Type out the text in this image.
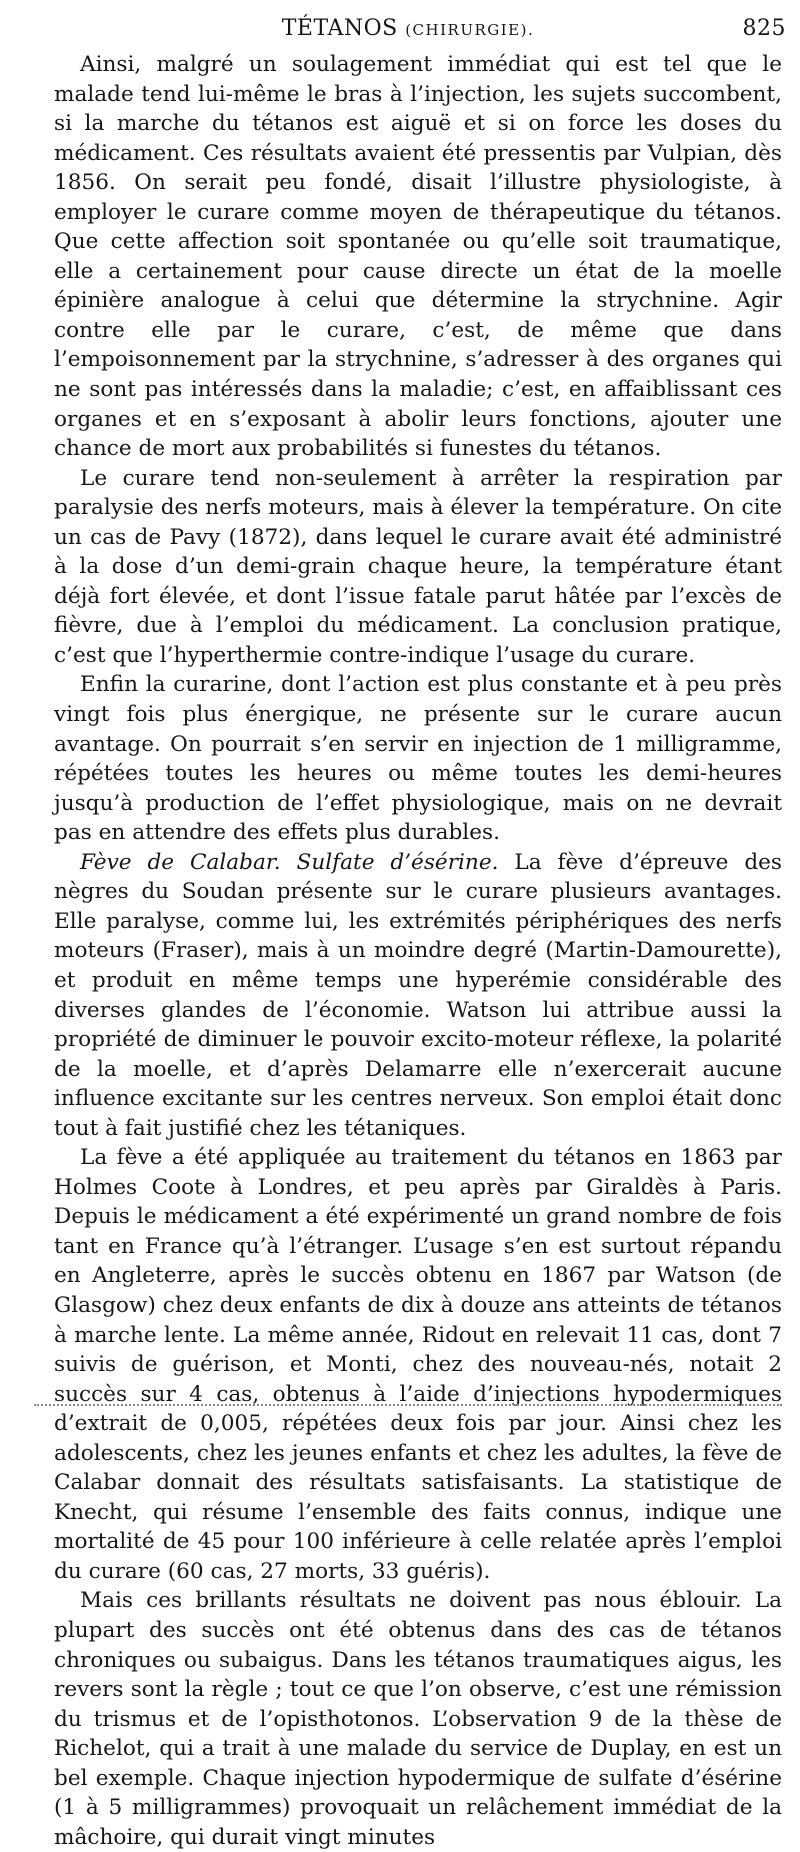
TÉTANOS (CHIRURGIE).	825

Ainsi, malgré un soulagement immédiat qui est tel que le malade tend lui-même le bras à l’injection, les sujets succombent, si la marche du tétanos est aiguë et si on force les doses du médicament. Ces résultats avaient été pressentis par Vulpian, dès 1856. On serait peu fondé, disait l’illustre physiologiste, à employer le curare comme moyen de thérapeutique du tétanos. Que cette affection soit spontanée ou qu’elle soit traumatique, elle a certainement pour cause directe un état de la moelle épinière analogue à celui que détermine la strychnine. Agir contre elle par le curare, c’est, de même que dans l’empoisonnement par la strychnine, s’adresser à des organes qui ne sont pas intéressés dans la maladie; c’est, en affaiblissant ces organes et en s’exposant à abolir leurs fonctions, ajouter une chance de mort aux probabilités si funestes du tétanos.

Le curare tend non-seulement à arrêter la respiration par paralysie des nerfs moteurs, mais à élever la température. On cite un cas de Pavy (1872), dans lequel le curare avait été administré à la dose d’un demi-grain chaque heure, la température étant déjà fort élevée, et dont l’issue fatale parut hâtée par l’excès de fièvre, due à l’emploi du médicament. La conclusion pratique, c’est que l’hyperthermie contre-indique l’usage du curare.

Enfin la curarine, dont l’action est plus constante et à peu près vingt fois plus énergique, ne présente sur le curare aucun avantage. On pourrait s’en servir en injection de 1 milligramme, répétées toutes les heures ou même toutes les demi-heures jusqu’à production de l’effet physiologique, mais on ne devrait pas en attendre des effets plus durables.

Fève de Calabar. Sulfate d’ésérine. La fève d’épreuve des nègres du Soudan présente sur le curare plusieurs avantages. Elle paralyse, comme lui, les extrémités périphériques des nerfs moteurs (Fraser), mais à un moindre degré (Martin-Damourette), et produit en même temps une hyperémie considérable des diverses glandes de l’économie. Watson lui attribue aussi la propriété de diminuer le pouvoir excito-moteur réflexe, la polarité de la moelle, et d’après Delamarre elle n’exercerait aucune influence excitante sur les centres nerveux. Son emploi était donc tout à fait justifié chez les tétaniques.

La fève a été appliquée au traitement du tétanos en 1863 par Holmes Coote à Londres, et peu après par Giraldès à Paris. Depuis le médicament a été expérimenté un grand nombre de fois tant en France qu’à l’étranger. L’usage s’en est surtout répandu en Angleterre, après le succès obtenu en 1867 par Watson (de Glasgow) chez deux enfants de dix à douze ans atteints de tétanos à marche lente. La même année, Ridout en relevait 11 cas, dont 7 suivis de guérison, et Monti, chez des nouveau-nés, notait 2 succès sur 4 cas, obtenus à l’aide d’injections hypodermiques d’extrait de 0,005, répétées deux fois par jour. Ainsi chez les adolescents, chez les jeunes enfants et chez les adultes, la fève de Calabar donnait des résultats satisfaisants. La statistique de Knecht, qui résume l’ensemble des faits connus, indique une mortalité de 45 pour 100 inférieure à celle relatée après l’emploi du curare (60 cas, 27 morts, 33 guéris).

Mais ces brillants résultats ne doivent pas nous éblouir. La plupart des succès ont été obtenus dans des cas de tétanos chroniques ou subaigus. Dans les tétanos traumatiques aigus, les revers sont la règle ; tout ce que l’on observe, c’est une rémission du trismus et de l’opisthotonos. L’observation 9 de la thèse de Richelot, qui a trait à une malade du service de Duplay, en est un bel exemple. Chaque injection hypodermique de sulfate d’ésérine (1 à 5 milligrammes) provoquait un relâchement immédiat de la mâchoire, qui durait vingt minutes
